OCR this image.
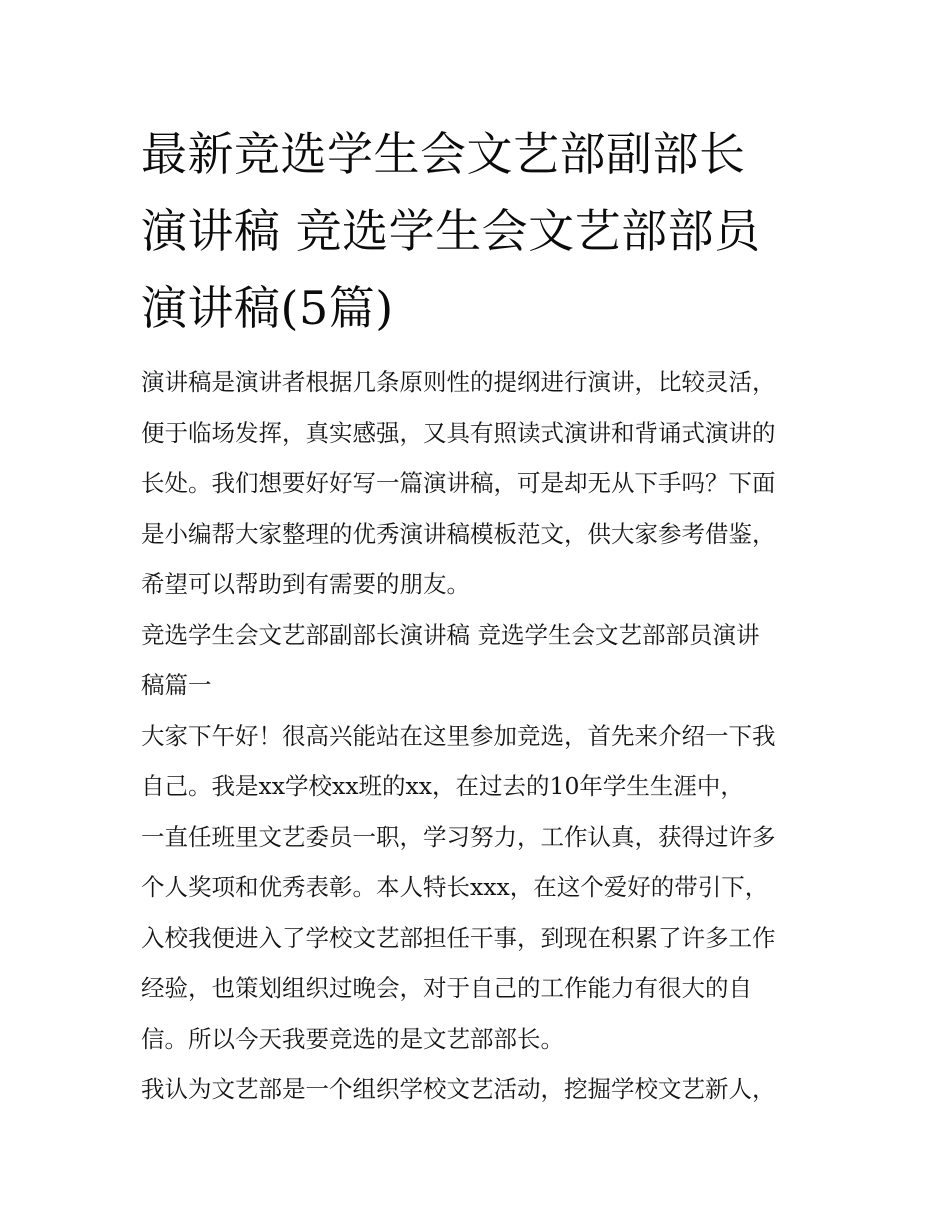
最新竞选学生会文艺部副部长
演讲稿 竞选学生会文艺部部员
演讲稿(5篇)

演讲稿是演讲者根据几条原则性的提纲进行演讲，比较灵活，
便于临场发挥，真实感强，又具有照读式演讲和背诵式演讲的
长处。我们想要好好写一篇演讲稿，可是却无从下手吗？下面
是小编帮大家整理的优秀演讲稿模板范文，供大家参考借鉴，
希望可以帮助到有需要的朋友。

竞选学生会文艺部副部长演讲稿 竞选学生会文艺部部员演讲
稿篇一

大家下午好！很高兴能站在这里参加竞选，首先来介绍一下我
自己。我是xx学校xx班的xx，在过去的10年学生生涯中，
一直任班里文艺委员一职，学习努力，工作认真，获得过许多
个人奖项和优秀表彰。本人特长xxx，在这个爱好的带引下，
入校我便进入了学校文艺部担任干事，到现在积累了许多工作
经验，也策划组织过晚会，对于自己的工作能力有很大的自
信。所以今天我要竞选的是文艺部部长。

我认为文艺部是一个组织学校文艺活动，挖掘学校文艺新人，
